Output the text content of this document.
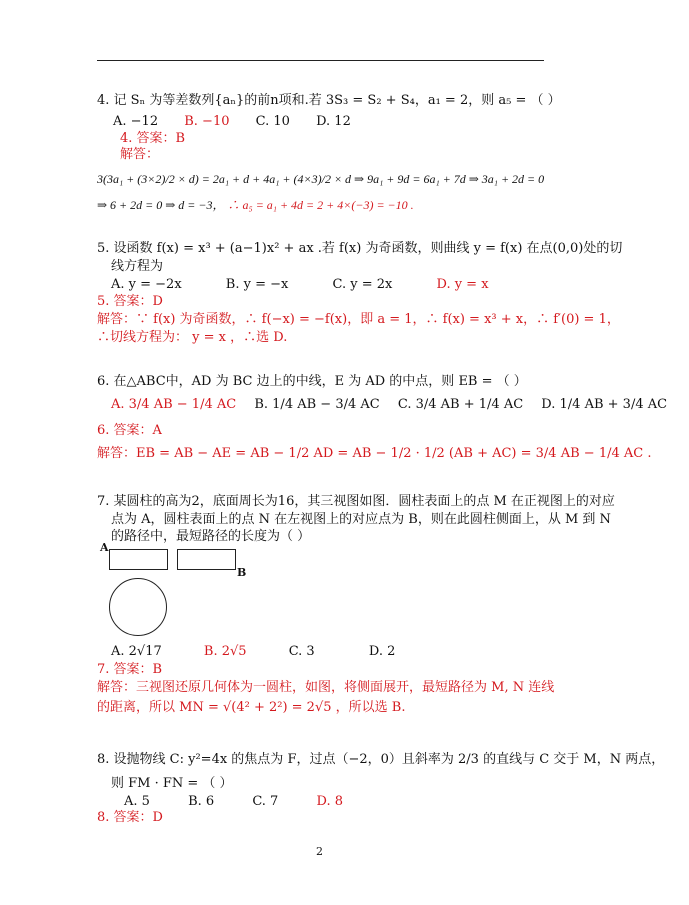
4. 记 Sₙ 为等差数列{aₙ}的前n项和.若 3S₃ = S₂ + S₄，a₁ = 2，则 a₅ = （ ）
A. −12 B. −10 C. 10 D. 12
4. 答案：B
解答：
3(3a₁ + (3×2)/2 × d) = 2a₁ + d + 4a₁ + (4×3)/2 × d ⇒ 9a₁ + 9d = 6a₁ + 7d ⇒ 3a₁ + 2d = 0
⇒ 6 + 2d = 0 ⇒ d = −3， ∴ a₅ = a₁ + 4d = 2 + 4×(−3) = −10 .
5. 设函数 f(x) = x³ + (a−1)x² + ax .若 f(x) 为奇函数，则曲线 y = f(x) 在点(0,0)处的切
线方程为
A. y = −2x	B. y = −x	C. y = 2x	D. y = x
5. 答案：D
解答：∵ f(x) 为奇函数，∴ f(−x) = −f(x)，即 a = 1，∴ f(x) = x³ + x，∴ f′(0) = 1，
∴切线方程为： y = x ，∴选 D.
6. 在△ABC中，AD 为 BC 边上的中线，E 为 AD 的中点，则 EB = （ ）
A. 3/4 AB − 1/4 AC B. 1/4 AB − 3/4 AC C. 3/4 AB + 1/4 AC D. 1/4 AB + 3/4 AC
6. 答案：A
解答：EB = AB − AE = AB − 1/2 AD = AB − 1/2 · 1/2 (AB + AC) = 3/4 AB − 1/4 AC .
7. 某圆柱的高为2，底面周长为16，其三视图如图．圆柱表面上的点 M 在正视图上的对应
点为 A，圆柱表面上的点 N 在左视图上的对应点为 B，则在此圆柱侧面上，从 M 到 N
的路径中，最短路径的长度为（ ）
A
B
A. 2√17	B. 2√5	C. 3	D. 2
7. 答案：B
解答：三视图还原几何体为一圆柱，如图，将侧面展开，最短路径为 M, N 连线
的距离，所以 MN = √(4² + 2²) = 2√5 ，所以选 B.
8. 设抛物线 C: y²=4x 的焦点为 F，过点（−2，0）且斜率为 2/3 的直线与 C 交于 M，N 两点，
则 FM · FN = （ ）
A. 5	B. 6	C. 7	D. 8
8. 答案：D
2
